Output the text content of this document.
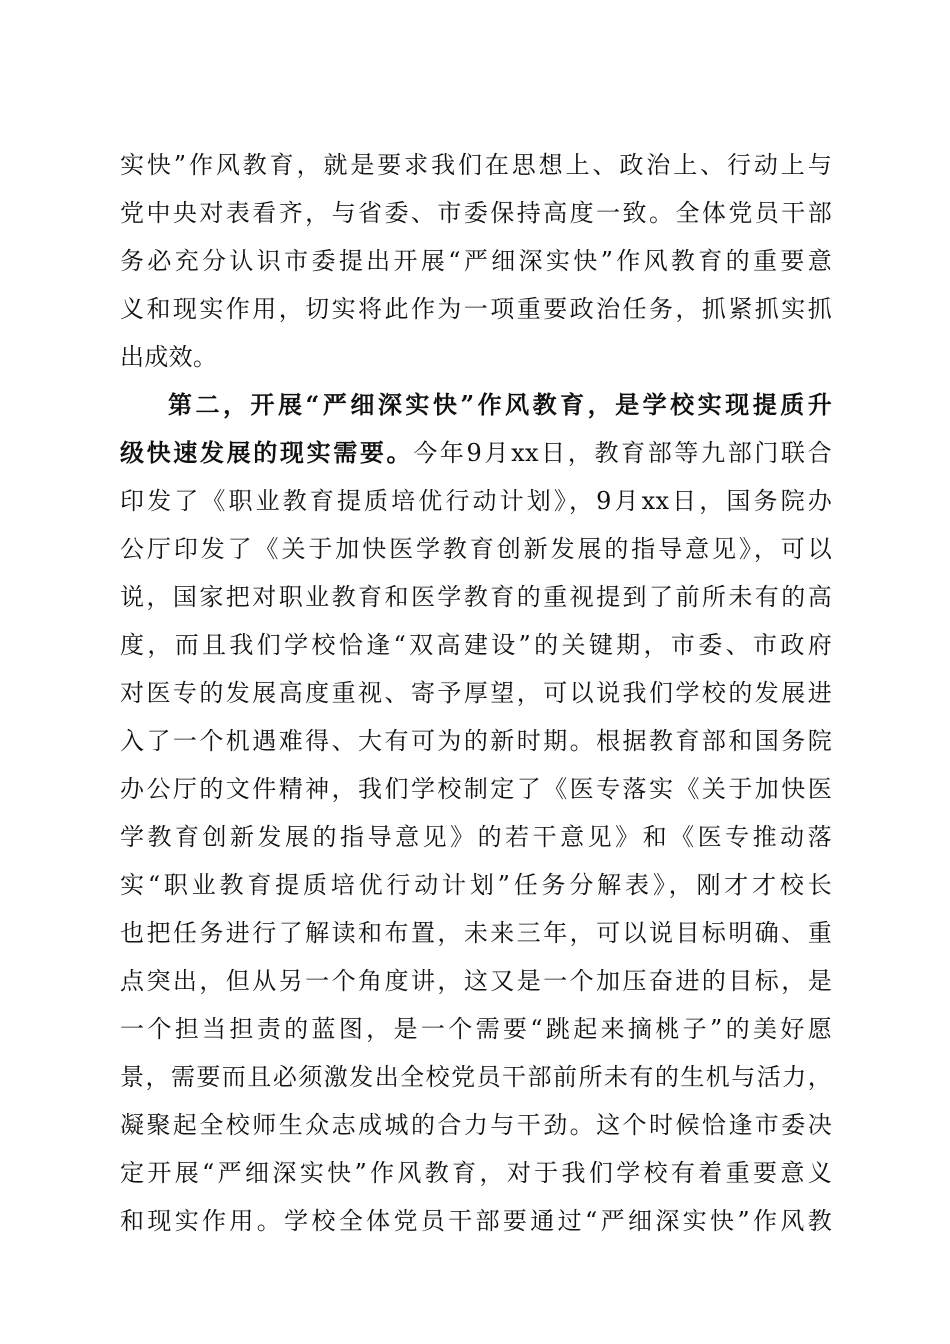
实快”作风教育，就是要求我们在思想上、政治上、行动上与
党中央对表看齐，与省委、市委保持高度一致。全体党员干部
务必充分认识市委提出开展“严细深实快”作风教育的重要意
义和现实作用，切实将此作为一项重要政治任务，抓紧抓实抓
出成效。
第二，开展“严细深实快”作风教育，是学校实现提质升
级快速发展的现实需要。今年9月xx日，教育部等九部门联合
印发了《职业教育提质培优行动计划》，9月xx日，国务院办
公厅印发了《关于加快医学教育创新发展的指导意见》，可以
说，国家把对职业教育和医学教育的重视提到了前所未有的高
度，而且我们学校恰逢“双高建设”的关键期，市委、市政府
对医专的发展高度重视、寄予厚望，可以说我们学校的发展进
入了一个机遇难得、大有可为的新时期。根据教育部和国务院
办公厅的文件精神，我们学校制定了《医专落实《关于加快医
学教育创新发展的指导意见》的若干意见》和《医专推动落
实“职业教育提质培优行动计划”任务分解表》，刚才才校长
也把任务进行了解读和布置，未来三年，可以说目标明确、重
点突出，但从另一个角度讲，这又是一个加压奋进的目标，是
一个担当担责的蓝图，是一个需要“跳起来摘桃子”的美好愿
景，需要而且必须激发出全校党员干部前所未有的生机与活力，
凝聚起全校师生众志成城的合力与干劲。这个时候恰逢市委决
定开展“严细深实快”作风教育，对于我们学校有着重要意义
和现实作用。学校全体党员干部要通过“严细深实快”作风教
